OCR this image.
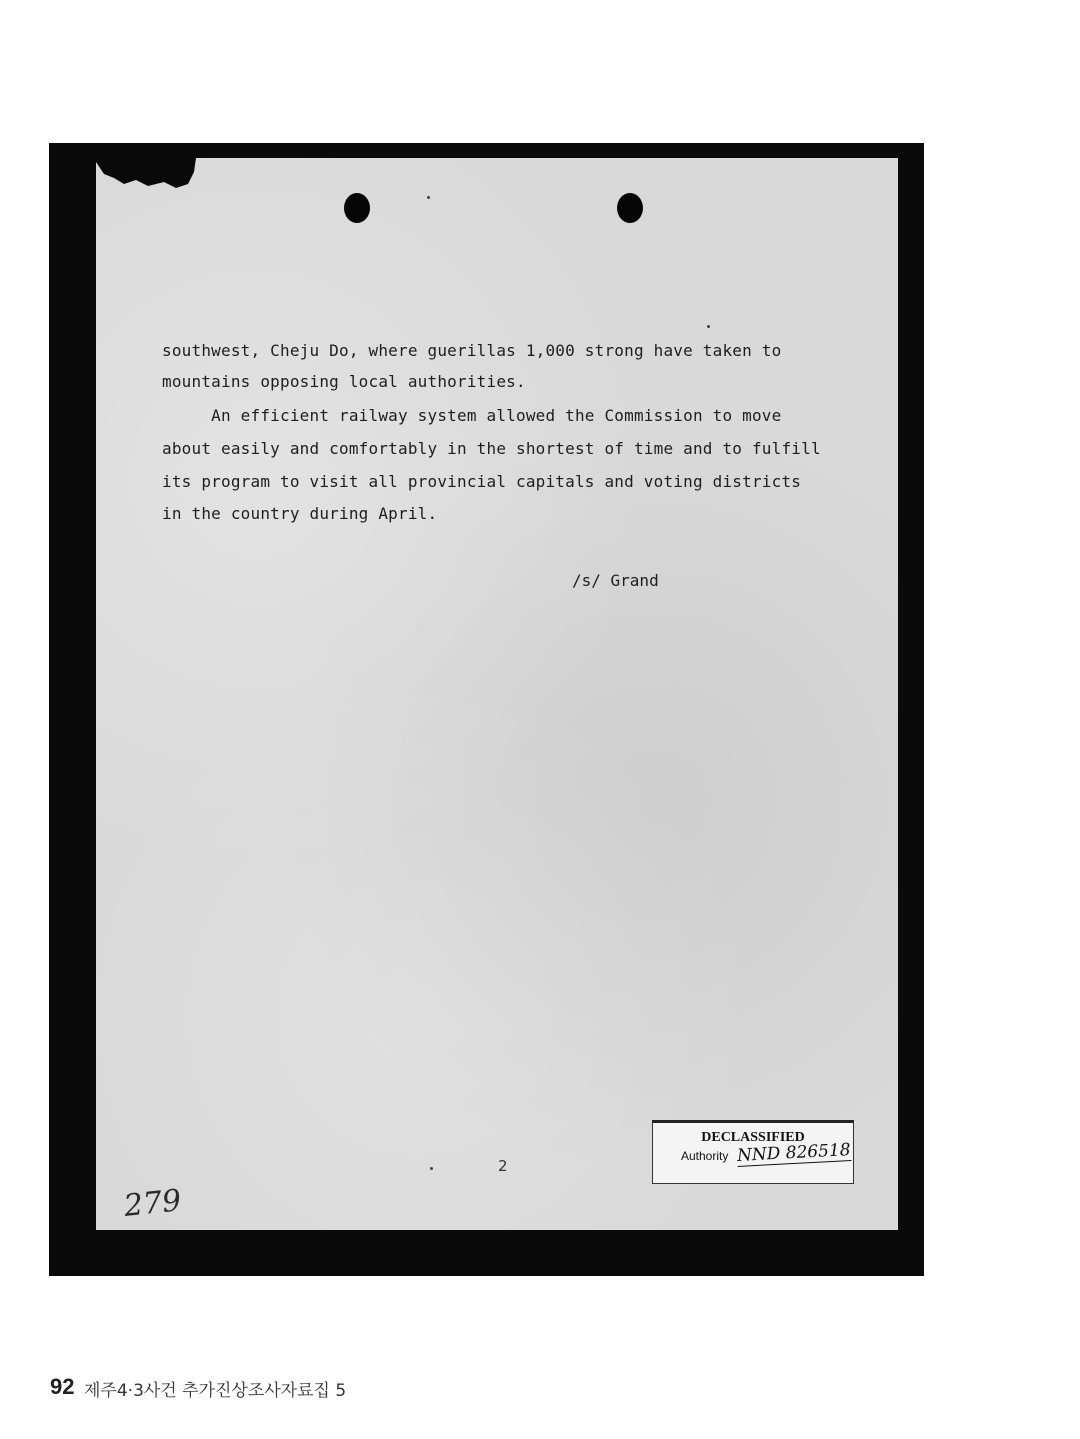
southwest, Cheju Do, where guerillas 1,000 strong have taken to
mountains opposing local authorities.
An efficient railway system allowed the Commission to move
about easily and comfortably in the shortest of time and to fulfill
its program to visit all provincial capitals and voting districts
in the country during April.
/s/ Grand
2
279
DECLASSIFIED
Authority NND 826518
92 제주4·3사건 추가진상조사자료집 5
